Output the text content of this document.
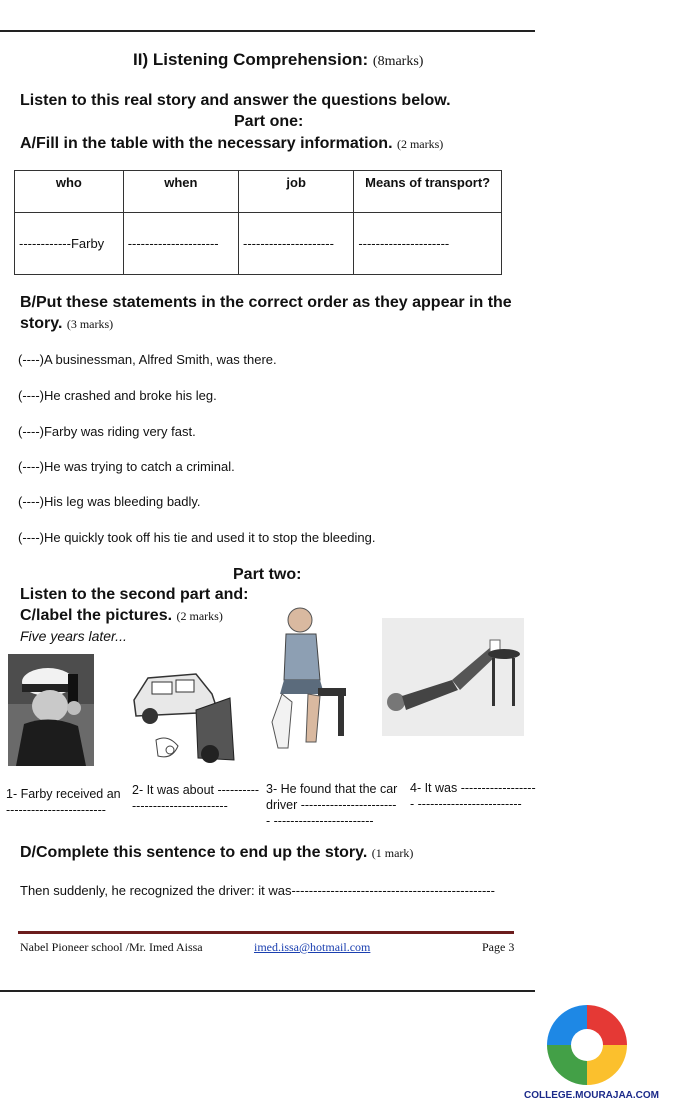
II) Listening Comprehension: (8marks)
Listen to this real story and answer the questions below.
Part one:
A/Fill in the table with the necessary information. (2 marks)
who	when	job	Means of transport?
------------Farby	---------------------	---------------------	---------------------
B/Put these statements in the correct order as they appear in the story. (3 marks)
(----)A businessman, Alfred Smith, was there.
(----)He crashed and broke his leg.
(----)Farby was riding very fast.
(----)He was trying to catch a criminal.
(----)His leg was bleeding badly.
(----)He quickly took off his tie and used it to stop the bleeding.
Part two:
Listen to the second part and:
C/label the pictures. (2 marks)
Five years later...
1- Farby received an ------------------------
2- It was about ---------- -----------------------
3- He found that the car driver ------------------------ ------------------------
4- It was ------------------- -------------------------
D/Complete this sentence to end up the story. (1 mark)
Then suddenly, he recognized the driver: it was-----------------------------------------------
Nabel Pioneer school /Mr. Imed Aissa	imed.issa@hotmail.com	Page 3
COLLEGE.MOURAJAA.COM
